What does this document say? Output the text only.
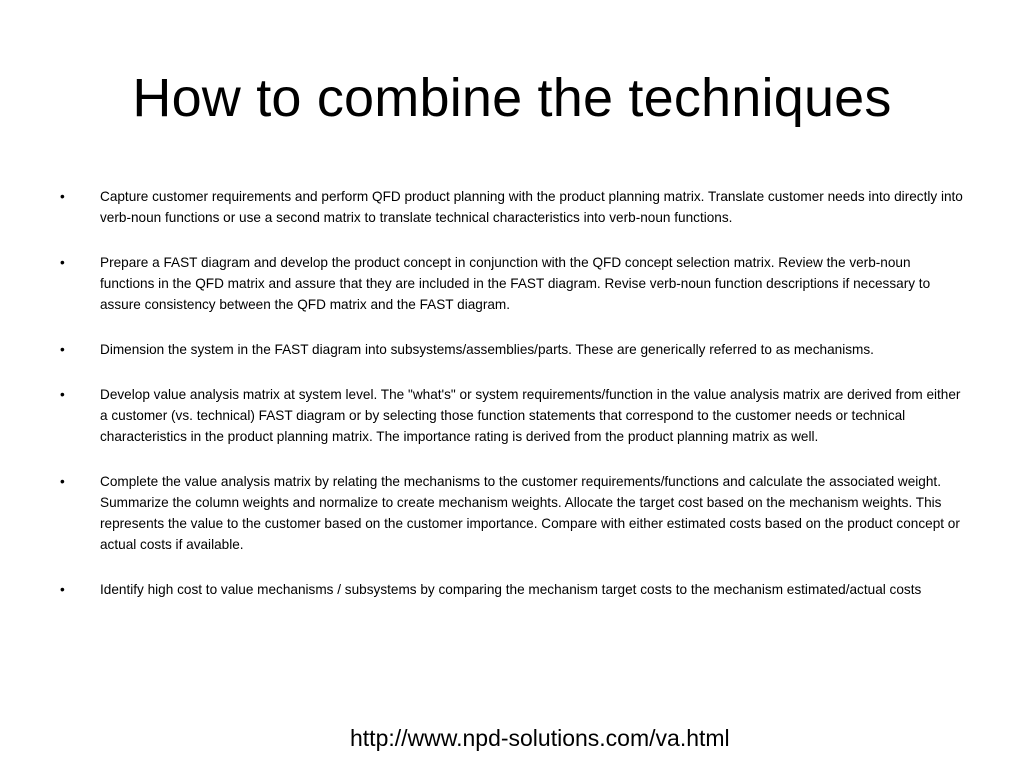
How to combine the techniques
•	Capture customer requirements and perform QFD product planning with the product planning matrix. Translate customer needs into directly into verb-noun functions or use a second matrix to translate technical characteristics into verb-noun functions.
•	Prepare a FAST diagram and develop the product concept in conjunction with the QFD concept selection matrix. Review the verb-noun functions in the QFD matrix and assure that they are included in the FAST diagram. Revise verb-noun function descriptions if necessary to assure consistency between the QFD matrix and the FAST diagram.
•	Dimension the system in the FAST diagram into subsystems/assemblies/parts. These are generically referred to as mechanisms.
•	Develop value analysis matrix at system level. The "what's" or system requirements/function in the value analysis matrix are derived from either a customer (vs. technical) FAST diagram or by selecting those function statements that correspond to the customer needs or technical characteristics in the product planning matrix. The importance rating is derived from the product planning matrix as well.
•	Complete the value analysis matrix by relating the mechanisms to the customer requirements/functions and calculate the associated weight. Summarize the column weights and normalize to create mechanism weights. Allocate the target cost based on the mechanism weights. This represents the value to the customer based on the customer importance. Compare with either estimated costs based on the product concept or actual costs if available.
•	Identify high cost to value mechanisms / subsystems by comparing the mechanism target costs to the mechanism estimated/actual costs
http://www.npd-solutions.com/va.html
